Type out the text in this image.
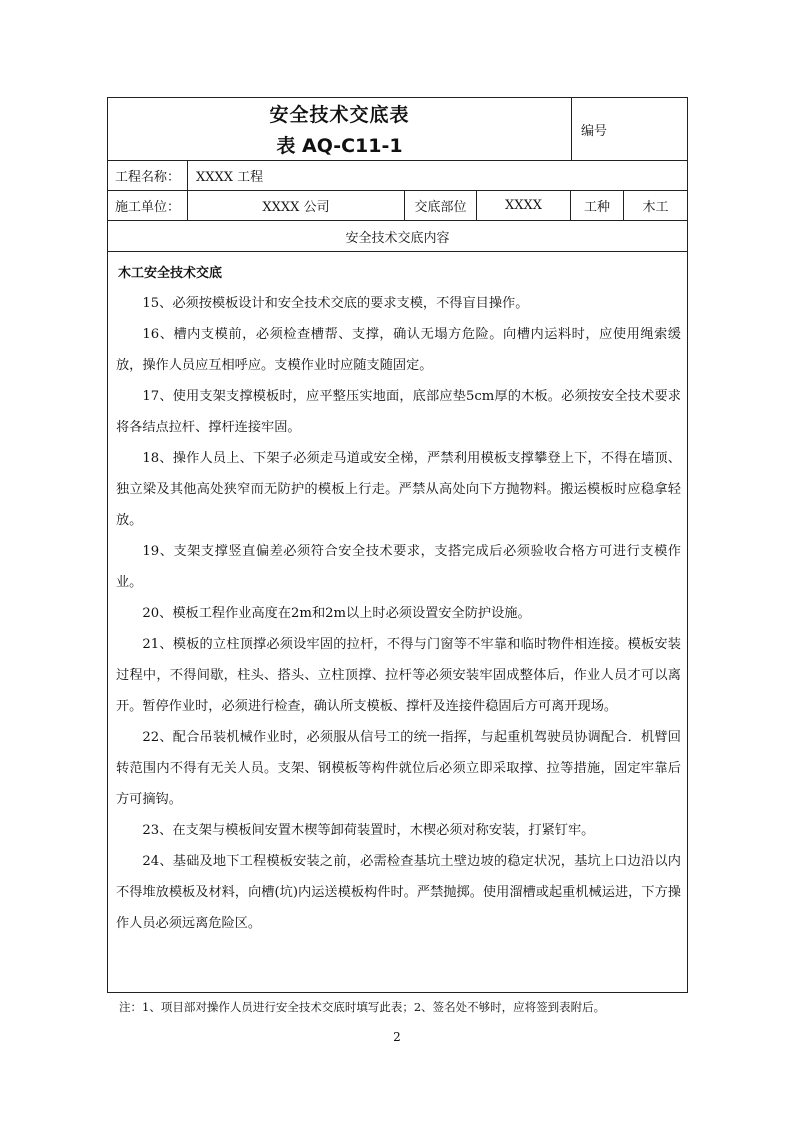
安全技术交底表
表 AQ-C11-1
编号
工程名称：	XXXX 工程
施工单位：	XXXX 公司	交底部位	XXXX	工种	木工
安全技术交底内容
木工安全技术交底

15、必须按模板设计和安全技术交底的要求支模，不得盲目操作。

16、槽内支模前，必须检查槽帮、支撑，确认无塌方危险。向槽内运料时，应使用绳索缓放，操作人员应互相呼应。支模作业时应随支随固定。

17、使用支架支撑模板时，应平整压实地面，底部应垫5cm厚的木板。必须按安全技术要求将各结点拉杆、撑杆连接牢固。

18、操作人员上、下架子必须走马道或安全梯，严禁利用模板支撑攀登上下，不得在墙顶、独立梁及其他高处狭窄而无防护的模板上行走。严禁从高处向下方抛物料。搬运模板时应稳拿轻放。

19、支架支撑竖直偏差必须符合安全技术要求，支搭完成后必须验收合格方可进行支模作业。

20、模板工程作业高度在2m和2m以上时必须设置安全防护设施。

21、模板的立柱顶撑必须设牢固的拉杆，不得与门窗等不牢靠和临时物件相连接。模板安装过程中，不得间歇，柱头、搭头、立柱顶撑、拉杆等必须安装牢固成整体后，作业人员才可以离开。暂停作业时，必须进行检查，确认所支模板、撑杆及连接件稳固后方可离开现场。

22、配合吊装机械作业时，必须服从信号工的统一指挥，与起重机驾驶员协调配合．机臂回转范围内不得有无关人员。支架、钢模板等构件就位后必须立即采取撑、拉等措施，固定牢靠后方可摘钩。

23、在支架与模板间安置木楔等卸荷装置时，木楔必须对称安装，打紧钉牢。

24、基础及地下工程模板安装之前，必需检查基坑土壁边坡的稳定状况，基坑上口边沿以内不得堆放模板及材料，向槽(坑)内运送模板构件时。严禁抛掷。使用溜槽或起重机械运进，下方操作人员必须远离危险区。

注：1、项目部对操作人员进行安全技术交底时填写此表；2、签名处不够时，应将签到表附后。
2
